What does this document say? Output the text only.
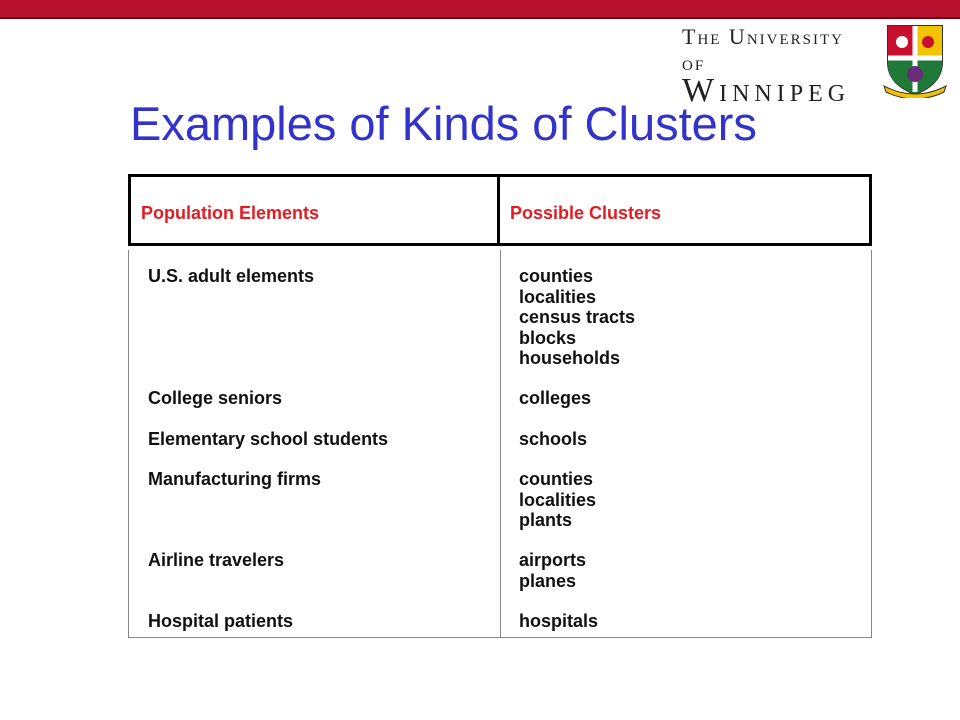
The University of
Winnipeg
Examples of Kinds of Clusters
Population Elements	Possible Clusters
U.S. adult elements	counties
localities
census tracts
blocks
households
College seniors	colleges
Elementary school students	schools
Manufacturing firms	counties
localities
plants
Airline travelers	airports
planes
Hospital patients	hospitals
